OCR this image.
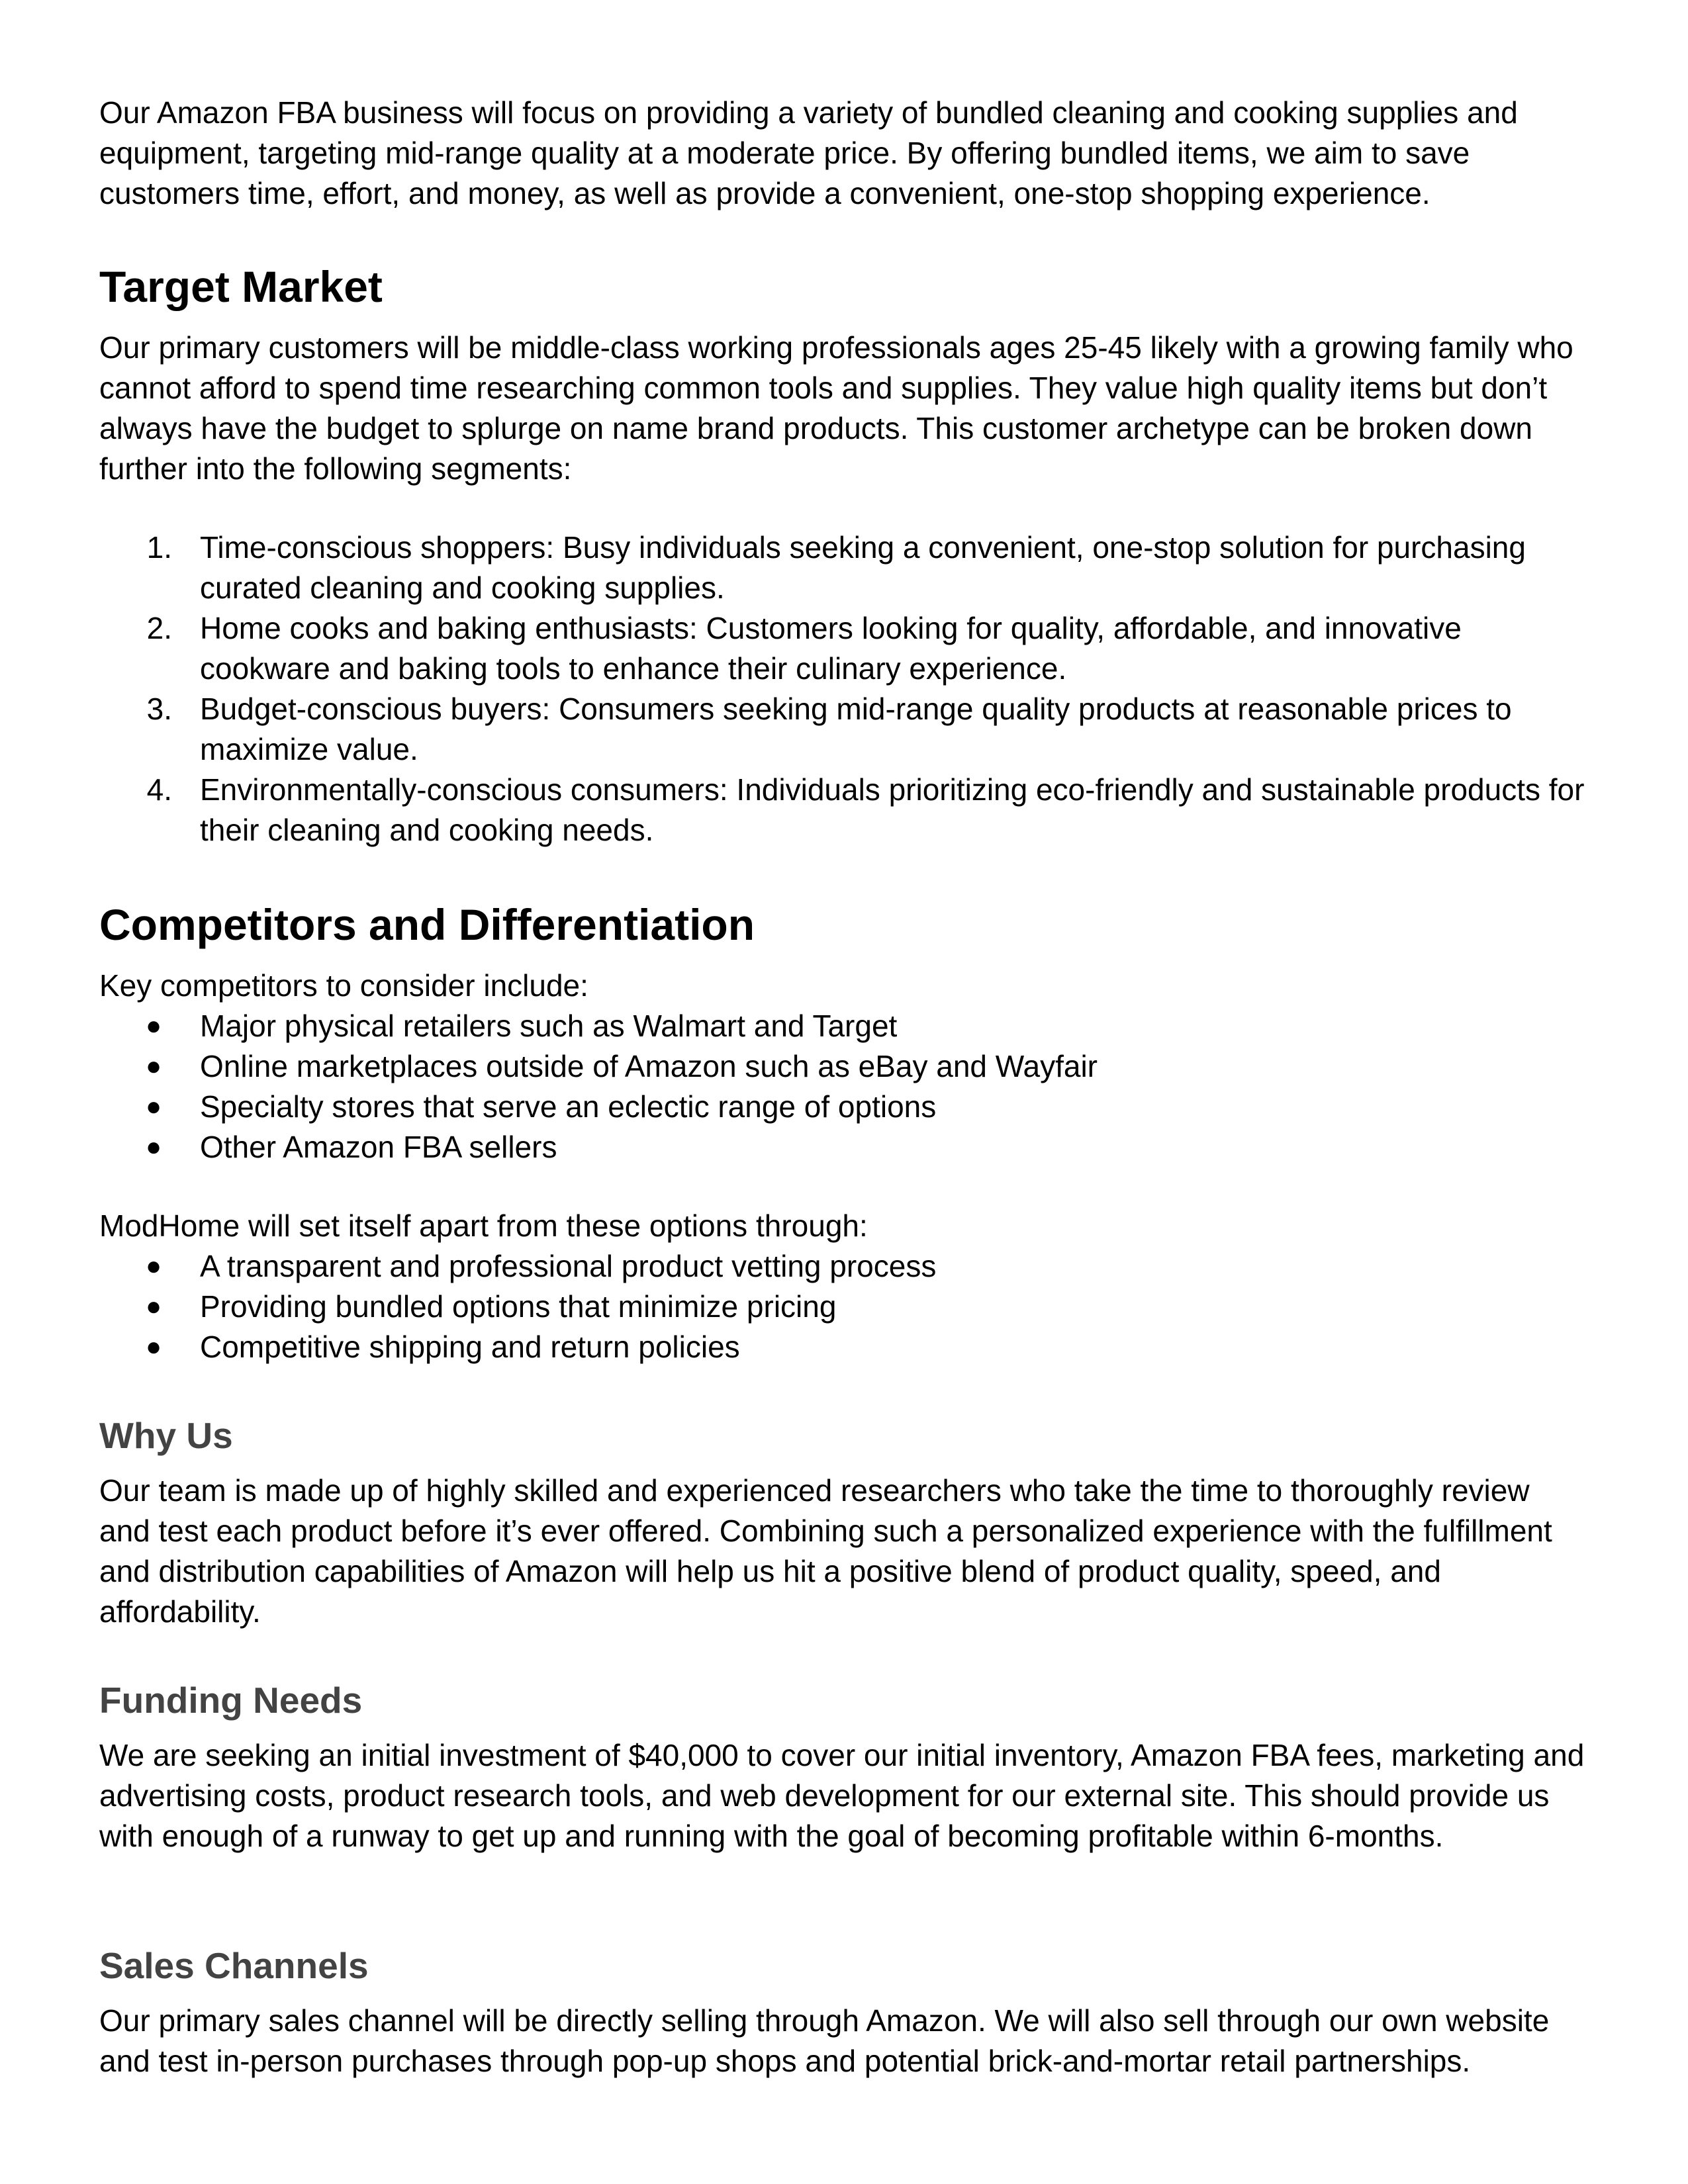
Our Amazon FBA business will focus on providing a variety of bundled cleaning and cooking supplies and equipment, targeting mid-range quality at a moderate price. By offering bundled items, we aim to save customers time, effort, and money, as well as provide a convenient, one-stop shopping experience.

Target Market

Our primary customers will be middle-class working professionals ages 25-45 likely with a growing family who cannot afford to spend time researching common tools and supplies. They value high quality items but don’t always have the budget to splurge on name brand products. This customer archetype can be broken down further into the following segments:

1. Time-conscious shoppers: Busy individuals seeking a convenient, one-stop solution for purchasing curated cleaning and cooking supplies.
2. Home cooks and baking enthusiasts: Customers looking for quality, affordable, and innovative cookware and baking tools to enhance their culinary experience.
3. Budget-conscious buyers: Consumers seeking mid-range quality products at reasonable prices to maximize value.
4. Environmentally-conscious consumers: Individuals prioritizing eco-friendly and sustainable products for their cleaning and cooking needs.
Competitors and Differentiation

Key competitors to consider include:

●	Major physical retailers such as Walmart and Target
●	Online marketplaces outside of Amazon such as eBay and Wayfair
●	Specialty stores that serve an eclectic range of options
●	Other Amazon FBA sellers

ModHome will set itself apart from these options through:

●	A transparent and professional product vetting process
●	Providing bundled options that minimize pricing
●	Competitive shipping and return policies
Why Us

Our team is made up of highly skilled and experienced researchers who take the time to thoroughly review and test each product before it’s ever offered. Combining such a personalized experience with the fulfillment and distribution capabilities of Amazon will help us hit a positive blend of product quality, speed, and affordability.

Funding Needs

We are seeking an initial investment of $40,000 to cover our initial inventory, Amazon FBA fees, marketing and advertising costs, product research tools, and web development for our external site. This should provide us with enough of a runway to get up and running with the goal of becoming profitable within 6-months.

Sales Channels

Our primary sales channel will be directly selling through Amazon. We will also sell through our own website and test in-person purchases through pop-up shops and potential brick-and-mortar retail partnerships.
